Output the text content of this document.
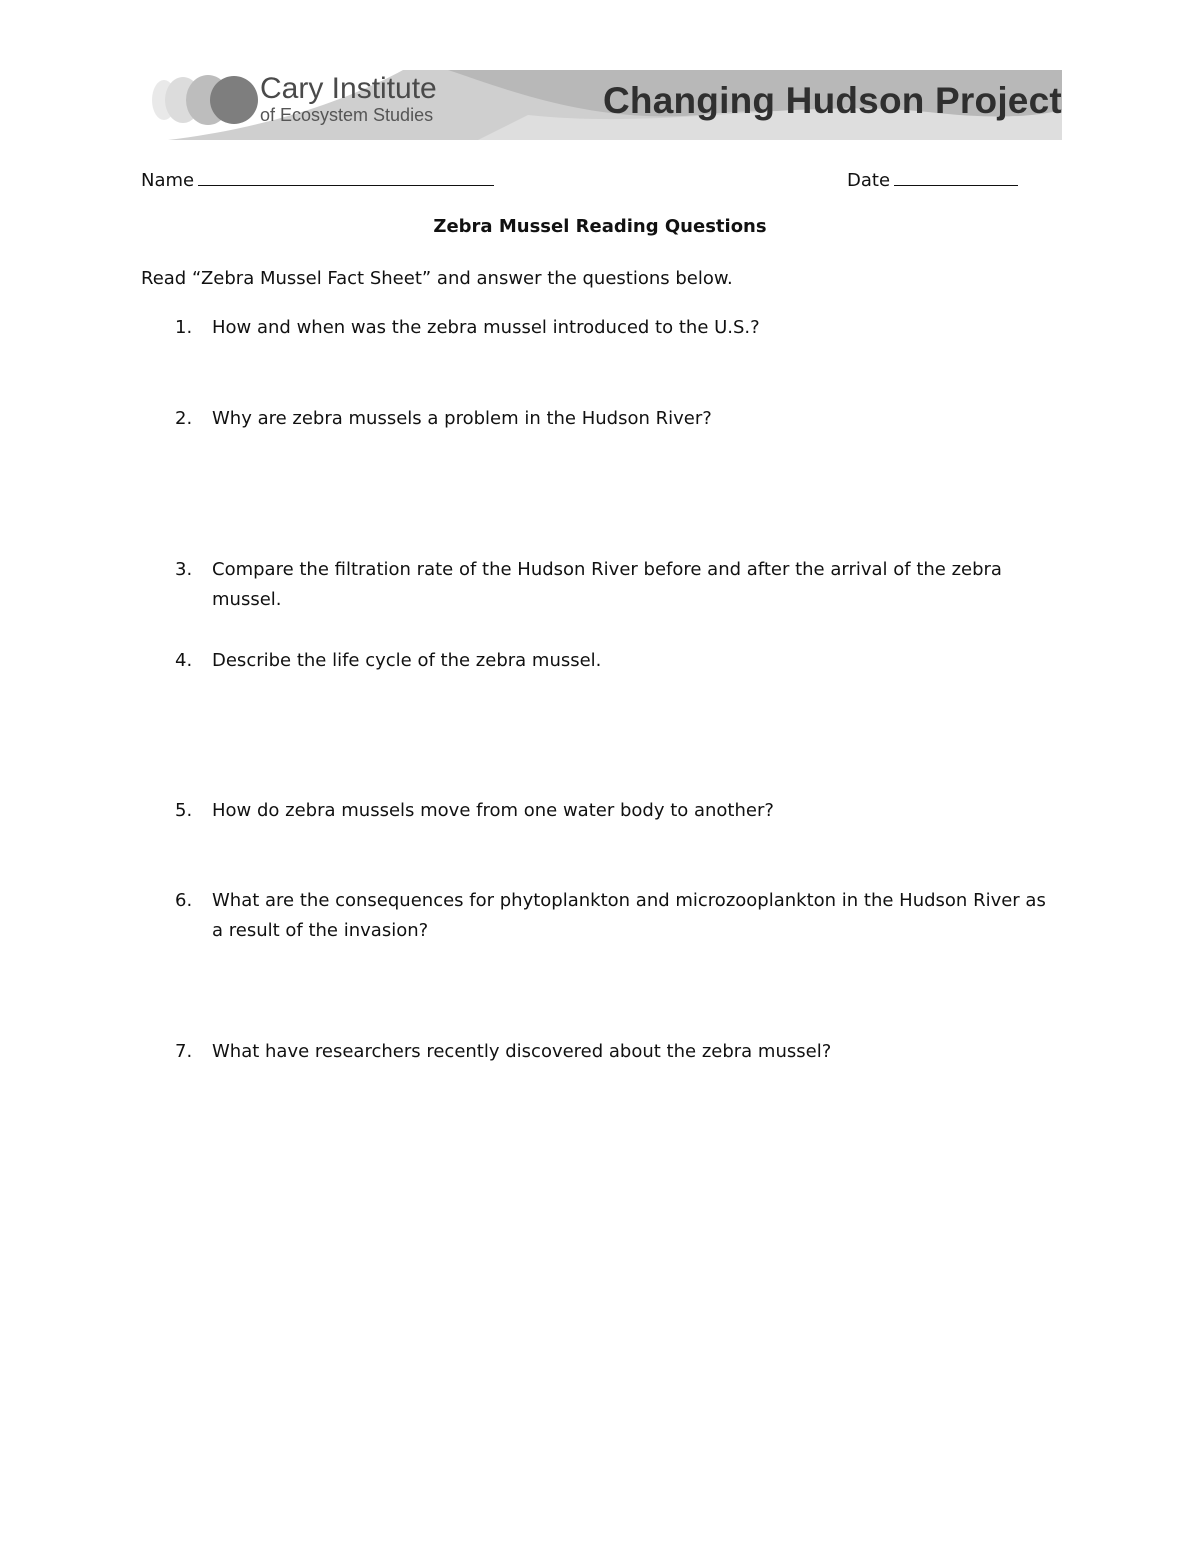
Cary Institute
of Ecosystem Studies	Changing Hudson Project
Name	Date
Zebra Mussel Reading Questions
Read “Zebra Mussel Fact Sheet” and answer the questions below.
1.	How and when was the zebra mussel introduced to the U.S.?
2.	Why are zebra mussels a problem in the Hudson River?
3.	Compare the filtration rate of the Hudson River before and after the arrival of the zebra mussel.
4.	Describe the life cycle of the zebra mussel.
5.	How do zebra mussels move from one water body to another?
6.	What are the consequences for phytoplankton and microzooplankton in the Hudson River as a result of the invasion?
7.	What have researchers recently discovered about the zebra mussel?
